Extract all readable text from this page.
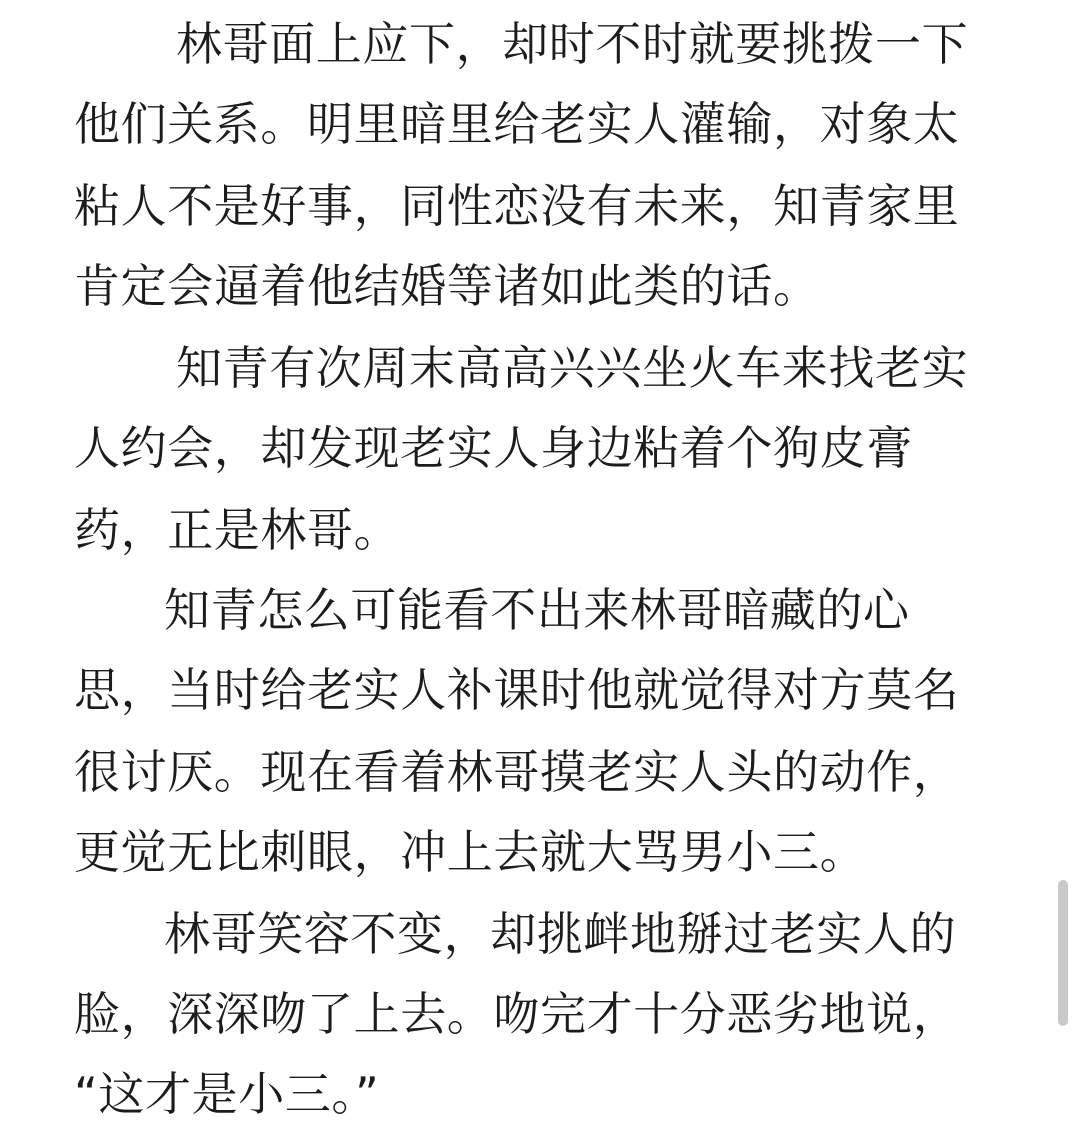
林哥面上应下，却时不时就要挑拨一下
他们关系。明里暗里给老实人灌输，对象太
粘人不是好事，同性恋没有未来，知青家里
肯定会逼着他结婚等诸如此类的话。
知青有次周末高高兴兴坐火车来找老实
人约会，却发现老实人身边粘着个狗皮膏
药，正是林哥。
知青怎么可能看不出来林哥暗藏的心
思，当时给老实人补课时他就觉得对方莫名
很讨厌。现在看着林哥摸老实人头的动作，
更觉无比刺眼，冲上去就大骂男小三。
林哥笑容不变，却挑衅地掰过老实人的
脸，深深吻了上去。吻完才十分恶劣地说，
“这才是小三。”
